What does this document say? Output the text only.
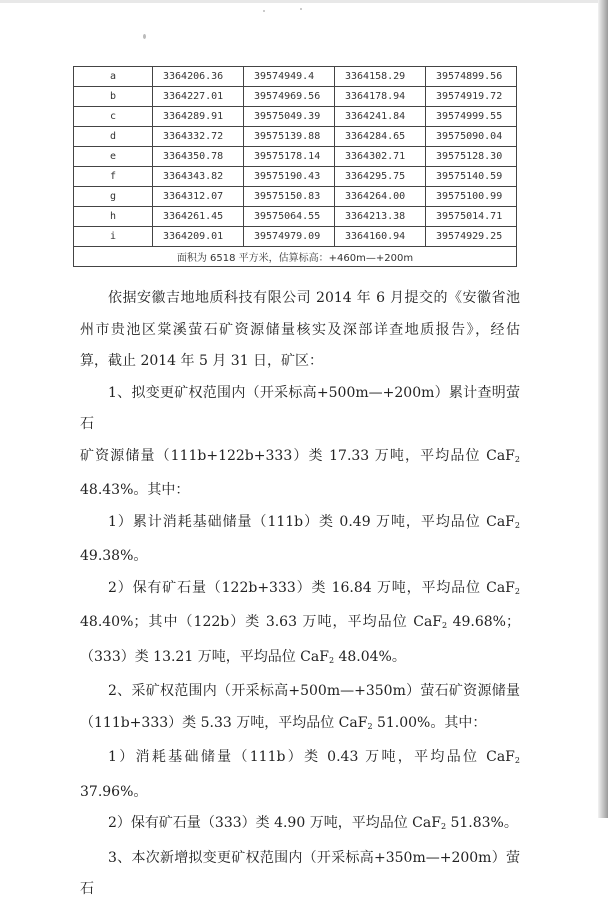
a	3364206.36	39574949.4	3364158.29	39574899.56
b	3364227.01	39574969.56	3364178.94	39574919.72
c	3364289.91	39575049.39	3364241.84	39574999.55
d	3364332.72	39575139.88	3364284.65	39575090.04
e	3364350.78	39575178.14	3364302.71	39575128.30
f	3364343.82	39575190.43	3364295.75	39575140.59
g	3364312.07	39575150.83	3364264.00	39575100.99
h	3364261.45	39575064.55	3364213.38	39575014.71
i	3364209.01	39574979.09	3364160.94	39574929.25
面积为 6518 平方米，估算标高：+460m—+200m				

依据安徽吉地地质科技有限公司 2014 年 6 月提交的《安徽省池

州市贵池区棠溪萤石矿资源储量核实及深部详查地质报告》，经估

算，截止 2014 年 5 月 31 日，矿区：

1、拟变更矿权范围内（开采标高+500m—+200m）累计查明萤石

矿资源储量（111b+122b+333）类 17.33 万吨，平均品位 CaF$_2$

48.43%。其中：

1）累计消耗基础储量（111b）类 0.49 万吨，平均品位 CaF$_2$

49.38%。

2）保有矿石量（122b+333）类 16.84 万吨，平均品位 CaF$_2$

48.40%；其中（122b）类 3.63 万吨，平均品位 CaF$_2$ 49.68%；

（333）类 13.21 万吨，平均品位 CaF$_2$ 48.04%。

2、采矿权范围内（开采标高+500m—+350m）萤石矿资源储量

（111b+333）类 5.33 万吨，平均品位 CaF$_2$ 51.00%。其中：

1）消耗基础储量（111b）类 0.43 万吨，平均品位 CaF$_2$

37.96%。

2）保有矿石量（333）类 4.90 万吨，平均品位 CaF$_2$ 51.83%。

3、本次新增拟变更矿权范围内（开采标高+350m—+200m）萤石
